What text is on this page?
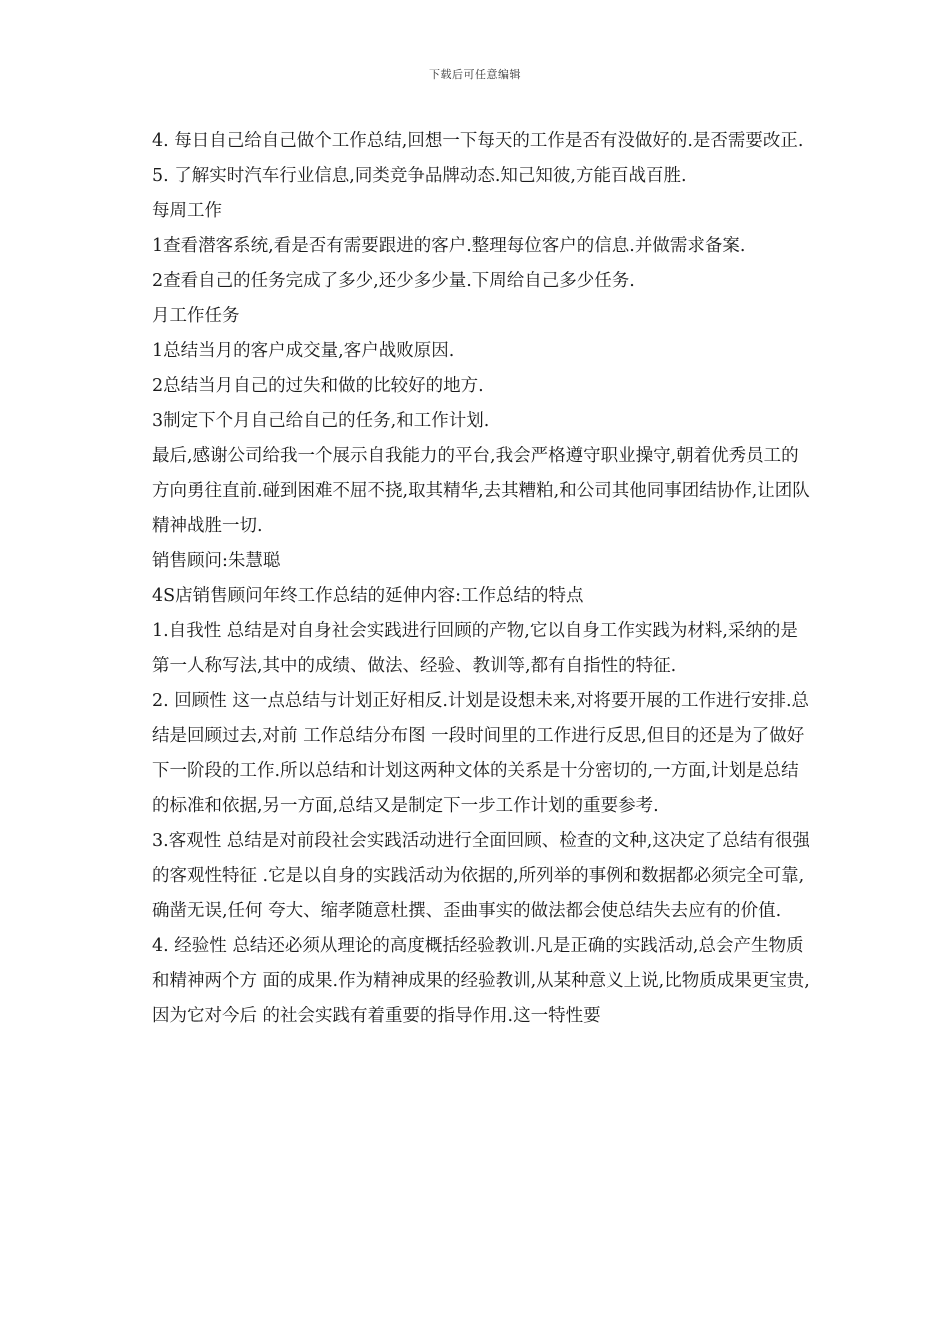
下载后可任意编辑

4. 每日自己给自己做个工作总结,回想一下每天的工作是否有没做好的.是否需要改正.

5. 了解实时汽车行业信息,同类竞争品牌动态.知己知彼,方能百战百胜.

每周工作

1查看潜客系统,看是否有需要跟进的客户.整理每位客户的信息.并做需求备案.

2查看自己的任务完成了多少,还少多少量.下周给自己多少任务.

月工作任务

1总结当月的客户成交量,客户战败原因.

2总结当月自己的过失和做的比较好的地方.

3制定下个月自己给自己的任务,和工作计划.

最后,感谢公司给我一个展示自我能力的平台,我会严格遵守职业操守,朝着优秀员工的方向勇往直前.碰到困难不屈不挠,取其精华,去其糟粕,和公司其他同事团结协作,让团队精神战胜一切.

销售顾问:朱慧聪

4S店销售顾问年终工作总结的延伸内容:工作总结的特点

1.自我性 总结是对自身社会实践进行回顾的产物,它以自身工作实践为材料,采纳的是第一人称写法,其中的成绩、做法、经验、教训等,都有自指性的特征.

2. 回顾性 这一点总结与计划正好相反.计划是设想未来,对将要开展的工作进行安排.总结是回顾过去,对前 工作总结分布图 一段时间里的工作进行反思,但目的还是为了做好下一阶段的工作.所以总结和计划这两种文体的关系是十分密切的,一方面,计划是总结的标准和依据,另一方面,总结又是制定下一步工作计划的重要参考.

3.客观性 总结是对前段社会实践活动进行全面回顾、检查的文种,这决定了总结有很强的客观性特征 .它是以自身的实践活动为依据的,所列举的事例和数据都必须完全可靠,确凿无误,任何 夸大、缩孝随意杜撰、歪曲事实的做法都会使总结失去应有的价值.

4. 经验性 总结还必须从理论的高度概括经验教训.凡是正确的实践活动,总会产生物质和精神两个方 面的成果.作为精神成果的经验教训,从某种意义上说,比物质成果更宝贵,因为它对今后 的社会实践有着重要的指导作用.这一特性要
